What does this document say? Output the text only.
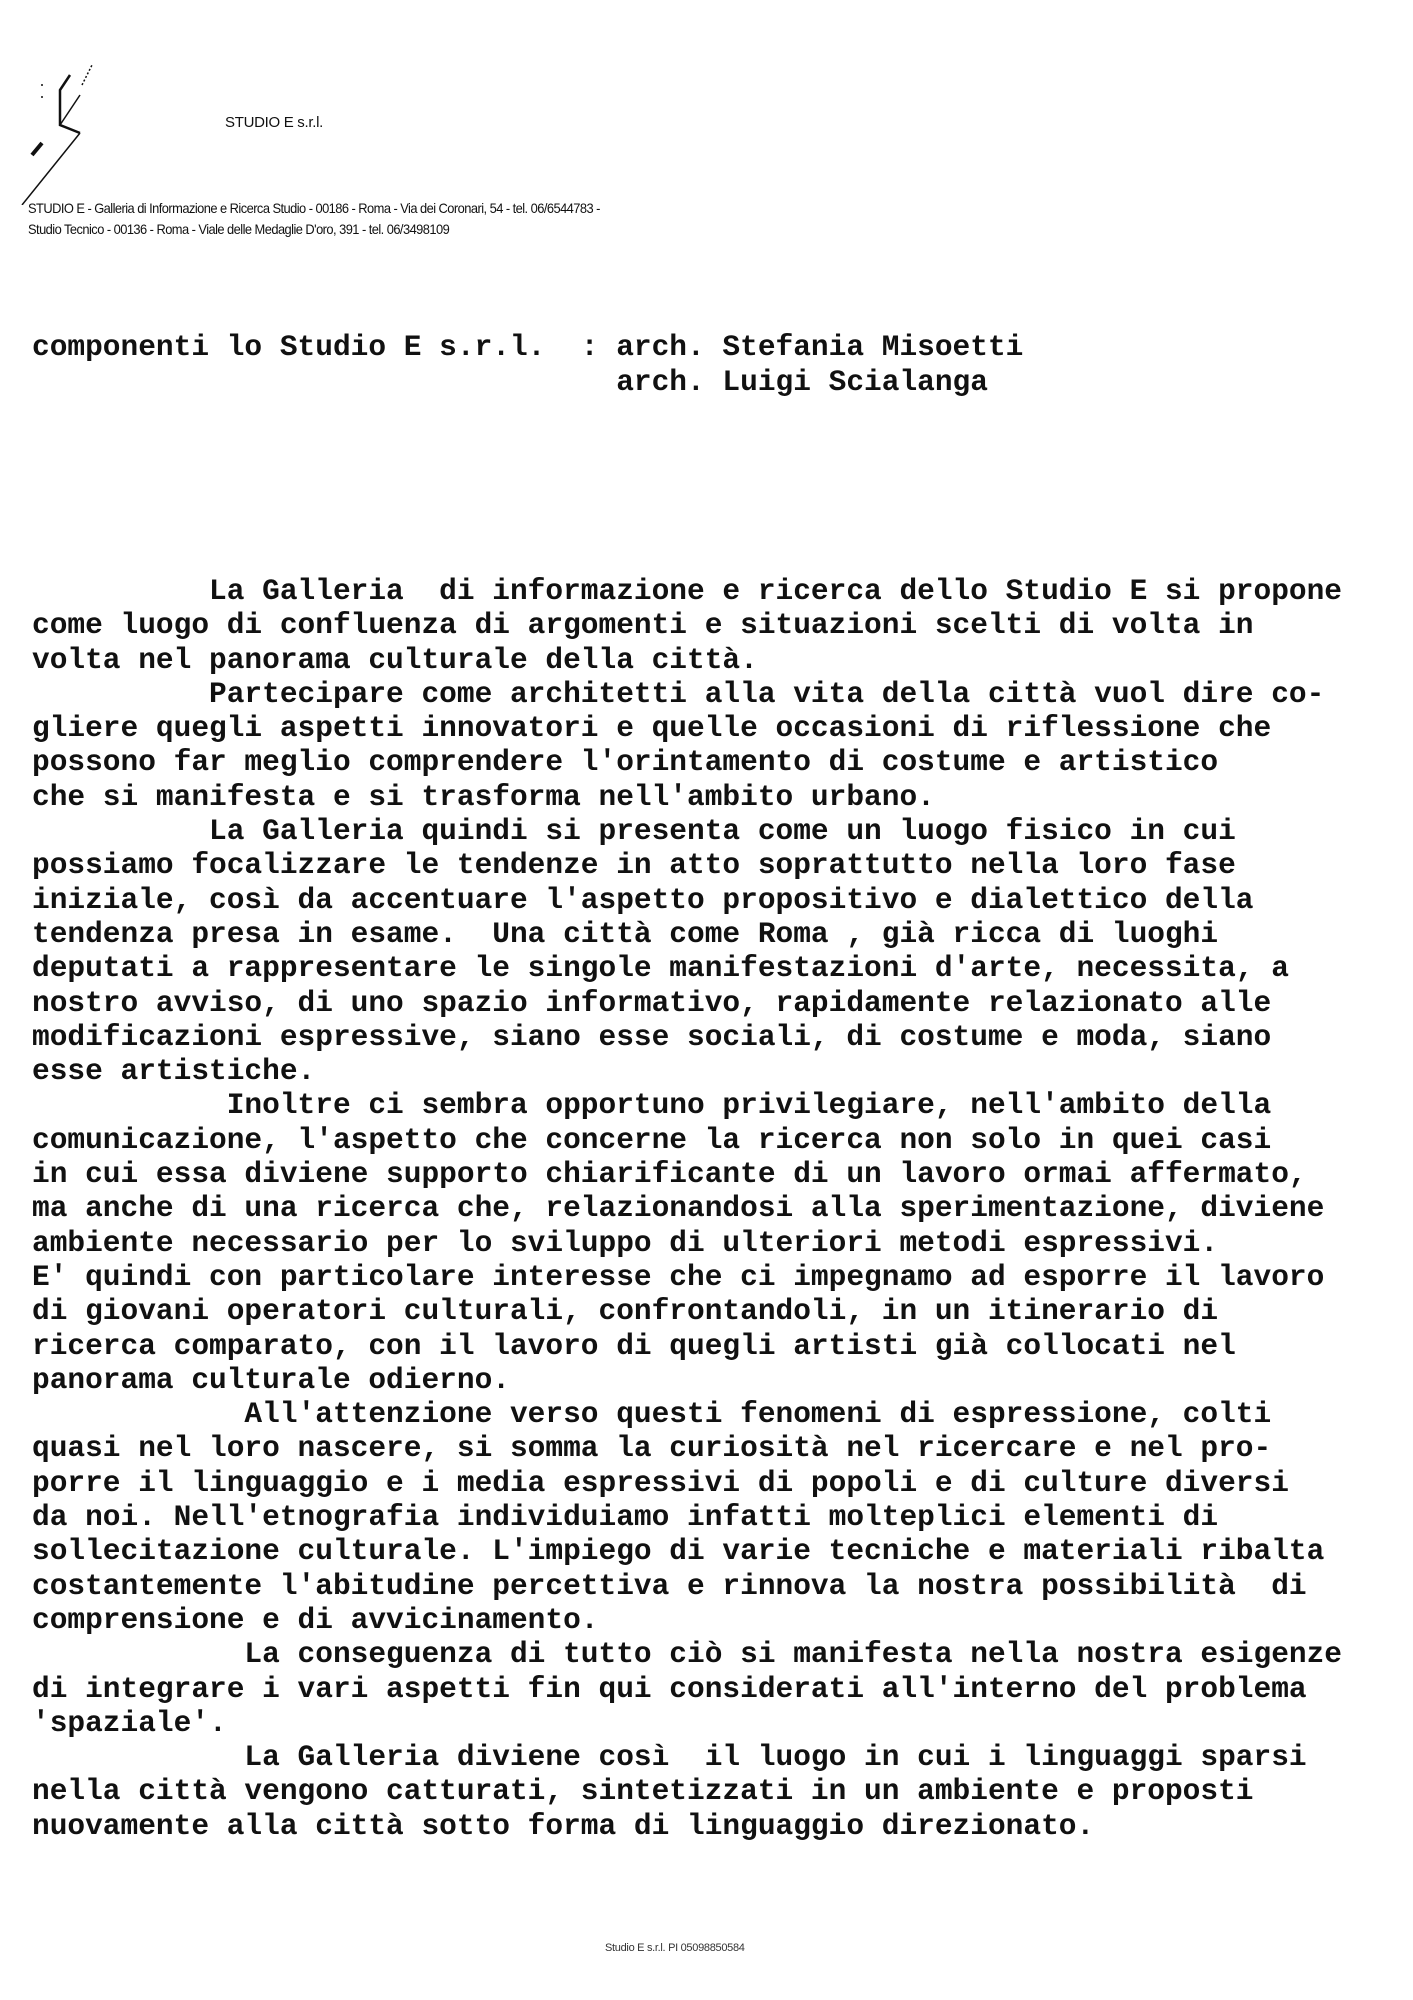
STUDIO E s.r.l.
STUDIO E - Galleria di Informazione e Ricerca Studio - 00186 - Roma - Via dei Coronari, 54 - tel. 06/6544783 -
Studio Tecnico - 00136 - Roma - Viale delle Medaglie D'oro, 391 - tel. 06/3498109
componenti lo Studio E s.r.l.  : arch. Stefania Misoetti
arch. Luigi Scialanga
La Galleria  di informazione e ricerca dello Studio E si propone
come luogo di confluenza di argomenti e situazioni scelti di volta in
volta nel panorama culturale della città.
Partecipare come architetti alla vita della città vuol dire co-
gliere quegli aspetti innovatori e quelle occasioni di riflessione che
possono far meglio comprendere l'orintamento di costume e artistico
che si manifesta e si trasforma nell'ambito urbano.
La Galleria quindi si presenta come un luogo fisico in cui
possiamo focalizzare le tendenze in atto soprattutto nella loro fase
iniziale, così da accentuare l'aspetto propositivo e dialettico della
tendenza presa in esame.  Una città come Roma , già ricca di luoghi
deputati a rappresentare le singole manifestazioni d'arte, necessita, a
nostro avviso, di uno spazio informativo, rapidamente relazionato alle
modificazioni espressive, siano esse sociali, di costume e moda, siano
esse artistiche.
Inoltre ci sembra opportuno privilegiare, nell'ambito della
comunicazione, l'aspetto che concerne la ricerca non solo in quei casi
in cui essa diviene supporto chiarificante di un lavoro ormai affermato,
ma anche di una ricerca che, relazionandosi alla sperimentazione, diviene
ambiente necessario per lo sviluppo di ulteriori metodi espressivi.
E' quindi con particolare interesse che ci impegnamo ad esporre il lavoro
di giovani operatori culturali, confrontandoli, in un itinerario di
ricerca comparato, con il lavoro di quegli artisti già collocati nel
panorama culturale odierno.
All'attenzione verso questi fenomeni di espressione, colti
quasi nel loro nascere, si somma la curiosità nel ricercare e nel pro-
porre il linguaggio e i media espressivi di popoli e di culture diversi
da noi. Nell'etnografia individuiamo infatti molteplici elementi di
sollecitazione culturale. L'impiego di varie tecniche e materiali ribalta
costantemente l'abitudine percettiva e rinnova la nostra possibilità  di
comprensione e di avvicinamento.
La conseguenza di tutto ciò si manifesta nella nostra esigenze
di integrare i vari aspetti fin qui considerati all'interno del problema
'spaziale'.
La Galleria diviene così  il luogo in cui i linguaggi sparsi
nella città vengono catturati, sintetizzati in un ambiente e proposti
nuovamente alla città sotto forma di linguaggio direzionato.
Studio E s.r.l. PI 05098850584
